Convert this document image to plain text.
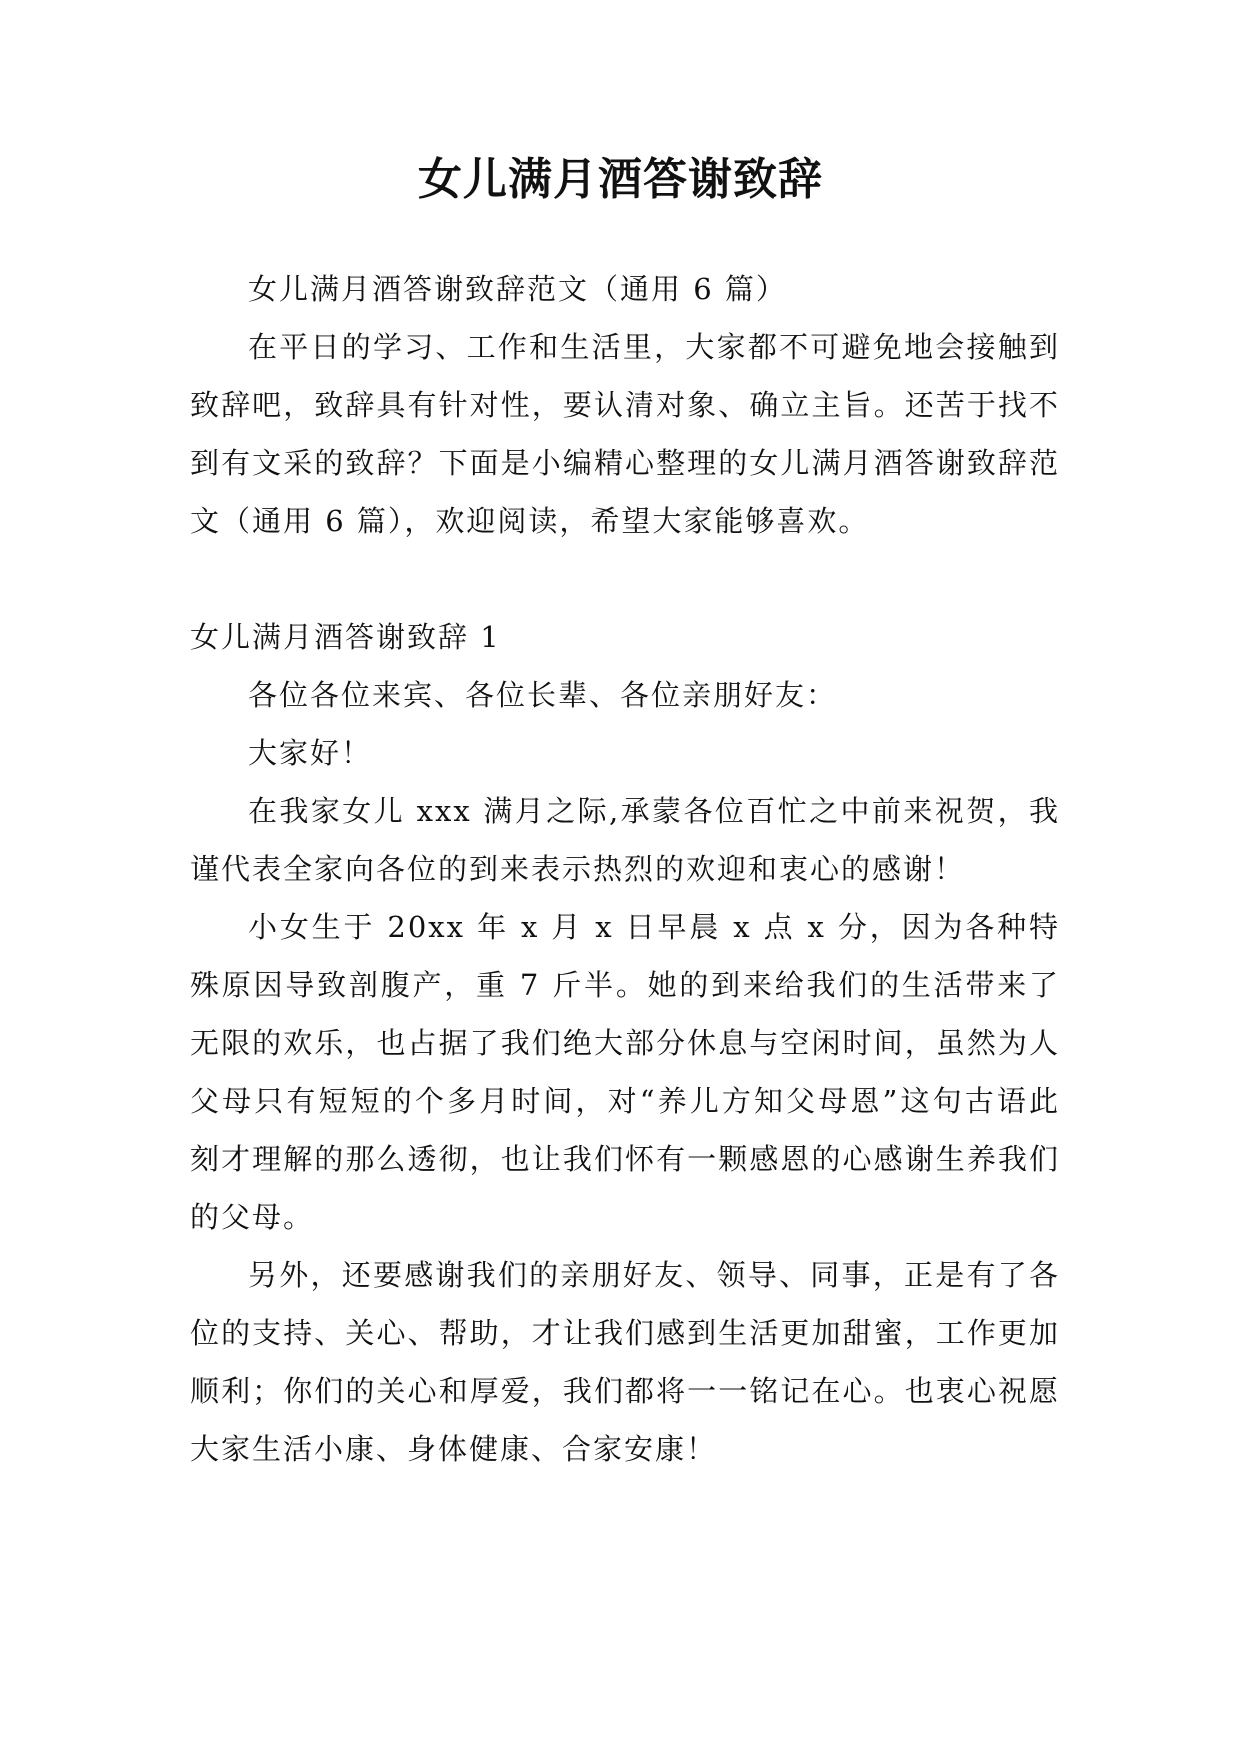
女儿满月酒答谢致辞

女儿满月酒答谢致辞范文（通用 6 篇）

在平日的学习、工作和生活里，大家都不可避免地会接触到致辞吧，致辞具有针对性，要认清对象、确立主旨。还苦于找不到有文采的致辞？下面是小编精心整理的女儿满月酒答谢致辞范文（通用 6 篇），欢迎阅读，希望大家能够喜欢。

女儿满月酒答谢致辞 1

各位各位来宾、各位长辈、各位亲朋好友：

大家好！

在我家女儿 xxx 满月之际,承蒙各位百忙之中前来祝贺，我谨代表全家向各位的到来表示热烈的欢迎和衷心的感谢！

小女生于 20xx 年 x 月 x 日早晨 x 点 x 分，因为各种特殊原因导致剖腹产，重 7 斤半。她的到来给我们的生活带来了无限的欢乐，也占据了我们绝大部分休息与空闲时间，虽然为人父母只有短短的个多月时间，对“养儿方知父母恩”这句古语此刻才理解的那么透彻，也让我们怀有一颗感恩的心感谢生养我们的父母。

另外，还要感谢我们的亲朋好友、领导、同事，正是有了各位的支持、关心、帮助，才让我们感到生活更加甜蜜，工作更加顺利；你们的关心和厚爱，我们都将一一铭记在心。也衷心祝愿大家生活小康、身体健康、合家安康！
